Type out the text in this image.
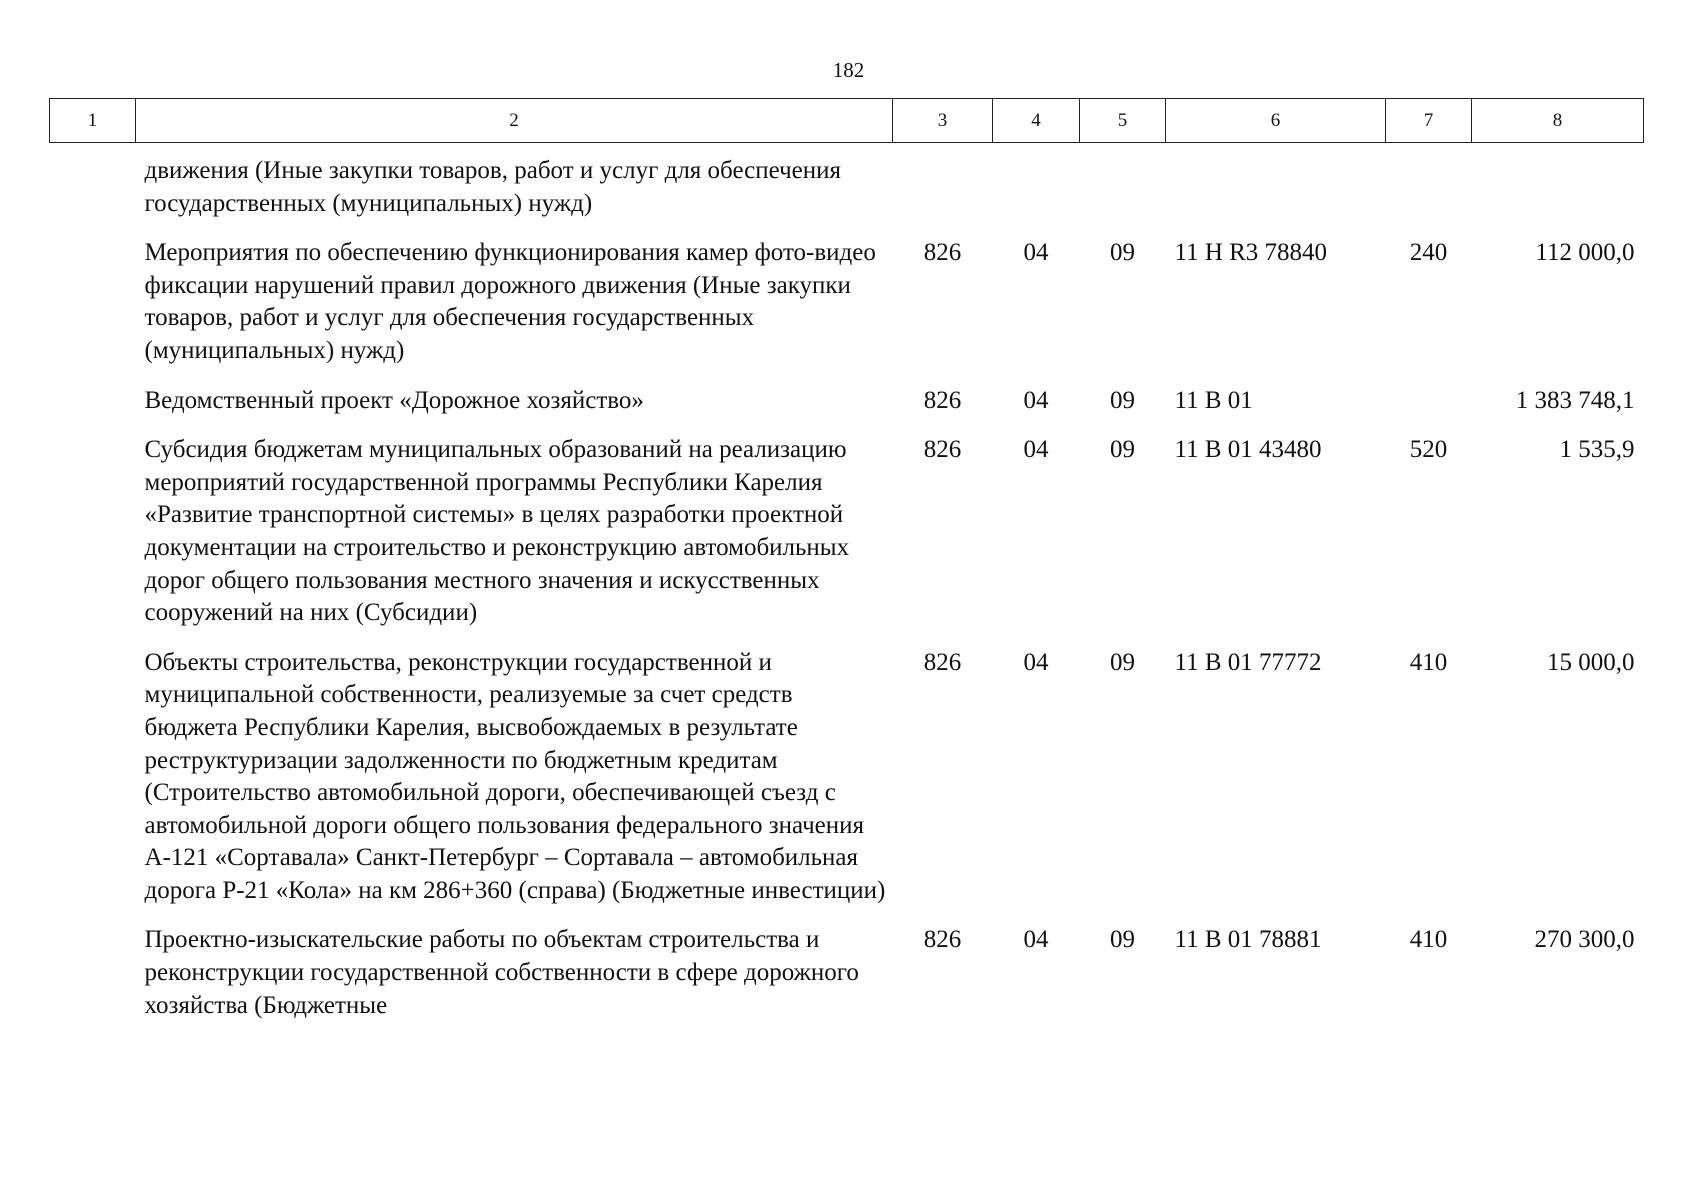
182
1	2	3	4	5	6	7	8
	движения (Иные закупки товаров, работ и услуг для обеспечения государственных (муниципальных) нужд)						
	Мероприятия по обеспечению функционирования камер фото-видео фиксации нарушений правил дорожного движения (Иные закупки товаров, работ и услуг для обеспечения государственных (муниципальных) нужд)	826	04	09	11 Н R3 78840	240	112 000,0
	Ведомственный проект «Дорожное хозяйство»	826	04	09	11 В 01		1 383 748,1
	Субсидия бюджетам муниципальных образований на реализацию мероприятий государственной программы Республики Карелия «Развитие транспортной системы» в целях разработки проектной документации на строительство и реконструкцию автомобильных дорог общего пользования местного значения и искусственных сооружений на них (Субсидии)	826	04	09	11 В 01 43480	520	1 535,9
	Объекты строительства, реконструкции государственной и муниципальной собственности, реализуемые за счет средств бюджета Республики Карелия, высвобождаемых в результате реструктуризации задолженности по бюджетным кредитам (Строительство автомобильной дороги, обеспечивающей съезд с автомобильной дороги общего пользования федерального значения А-121 «Сортавала» Санкт-Петербург – Сортавала – автомобильная дорога Р-21 «Кола» на км 286+360 (справа) (Бюджетные инвестиции)	826	04	09	11 В 01 77772	410	15 000,0
	Проектно-изыскательские работы по объектам строительства и реконструкции государственной собственности в сфере дорожного хозяйства (Бюджетные	826	04	09	11 В 01 78881	410	270 300,0
